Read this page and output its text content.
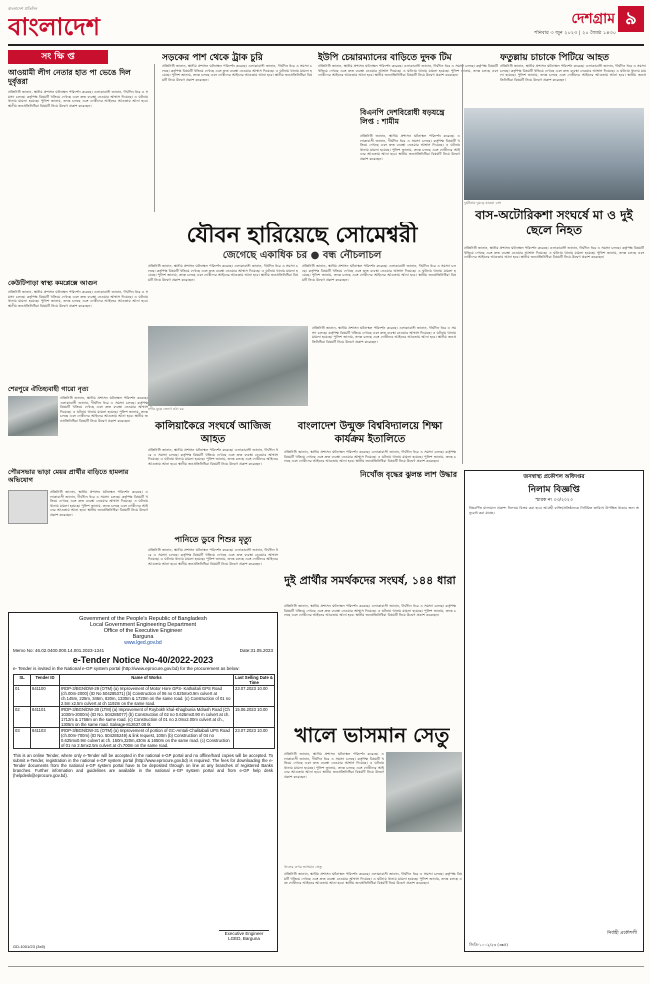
বাংলাদেশ প্রতিদিন
বাংলাদেশ	দেশগ্রাম ৯
শনিবার ৩ জুন ২০২৩ | ২০ জ্যৈষ্ঠ ১৪৩০
সং ক্ষি প্ত	সড়কের পাশ থেকে ট্রাক চুরি	ইউপি চেয়ারম্যানের বাড়িতে দুদক টিম	ফতুল্লায় চাচাকে পিটিয়ে আহত
প্রতিনিধি জানান, স্থানীয় প্রশাসন ঘটনাস্থল পরিদর্শন করেছে। এলাকাবাসী জানান, দীর্ঘদিন ধরে এ সমস্যা চলছে। কর্তৃপক্ষ বিষয়টি খতিয়ে দেখছে এবং দ্রুত ব্যবস্থা নেওয়ার আশ্বাস দিয়েছে। এ ঘটনায় থানায় মামলা হয়েছে। পুলিশ জানায়, তদন্ত চলছে এবং দোষীদের আইনের আওতায় আনা হবে। স্থানীয় জনপ্রতিনিধিরা বিষয়টি নিয়ে উদ্বেগ প্রকাশ করেছেন।
প্রতিনিধি জানান, স্থানীয় প্রশাসন ঘটনাস্থল পরিদর্শন করেছে। এলাকাবাসী জানান, দীর্ঘদিন ধরে এ সমস্যা চলছে। কর্তৃপক্ষ বিষয়টি খতিয়ে দেখছে এবং দ্রুত ব্যবস্থা নেওয়ার আশ্বাস দিয়েছে। এ ঘটনায় থানায় মামলা হয়েছে। পুলিশ জানায়, তদন্ত চলছে এবং দোষীদের আইনের আওতায় আনা হবে। স্থানীয় জনপ্রতিনিধিরা বিষয়টি নিয়ে উদ্বেগ প্রকাশ করেছেন।
প্রতিনিধি জানান, স্থানীয় প্রশাসন ঘটনাস্থল পরিদর্শন করেছে। এলাকাবাসী জানান, দীর্ঘদিন ধরে এ সমস্যা চলছে। কর্তৃপক্ষ বিষয়টি খতিয়ে দেখছে এবং দ্রুত ব্যবস্থা নেওয়ার আশ্বাস দিয়েছে। এ ঘটনায় থানায় মামলা হয়েছে। পুলিশ জানায়, তদন্ত চলছে এবং দোষীদের আইনের আওতায় আনা হবে। স্থানীয় জনপ্রতিনিধিরা বিষয়টি নিয়ে উদ্বেগ প্রকাশ করেছেন।
আওয়ামী লীগ নেতার হাত পা ভেঙে দিল দুর্বৃত্তরা
প্রতিনিধি জানান, স্থানীয় প্রশাসন ঘটনাস্থল পরিদর্শন করেছে। এলাকাবাসী জানান, দীর্ঘদিন ধরে এ সমস্যা চলছে। কর্তৃপক্ষ বিষয়টি খতিয়ে দেখছে এবং দ্রুত ব্যবস্থা নেওয়ার আশ্বাস দিয়েছে। এ ঘটনায় থানায় মামলা হয়েছে। পুলিশ জানায়, তদন্ত চলছে এবং দোষীদের আইনের আওতায় আনা হবে। স্থানীয় জনপ্রতিনিধিরা বিষয়টি নিয়ে উদ্বেগ প্রকাশ করেছেন।
কেউটিপাড়া স্বাস্থ্য কমপ্লেক্সে আগুন
প্রতিনিধি জানান, স্থানীয় প্রশাসন ঘটনাস্থল পরিদর্শন করেছে। এলাকাবাসী জানান, দীর্ঘদিন ধরে এ সমস্যা চলছে। কর্তৃপক্ষ বিষয়টি খতিয়ে দেখছে এবং দ্রুত ব্যবস্থা নেওয়ার আশ্বাস দিয়েছে। এ ঘটনায় থানায় মামলা হয়েছে। পুলিশ জানায়, তদন্ত চলছে এবং দোষীদের আইনের আওতায় আনা হবে। স্থানীয় জনপ্রতিনিধিরা বিষয়টি নিয়ে উদ্বেগ প্রকাশ করেছেন।
শেরপুরে ঐতিহ্যবাহী গারো নৃত্য
প্রতিনিধি জানান, স্থানীয় প্রশাসন ঘটনাস্থল পরিদর্শন করেছে। এলাকাবাসী জানান, দীর্ঘদিন ধরে এ সমস্যা চলছে। কর্তৃপক্ষ বিষয়টি খতিয়ে দেখছে এবং দ্রুত ব্যবস্থা নেওয়ার আশ্বাস দিয়েছে। এ ঘটনায় থানায় মামলা হয়েছে। পুলিশ জানায়, তদন্ত চলছে এবং দোষীদের আইনের আওতায় আনা হবে। স্থানীয় জনপ্রতিনিধিরা বিষয়টি নিয়ে উদ্বেগ প্রকাশ করেছেন।
পৌরসভার ভাড়া মেয়র প্রার্থীর বাড়িতে হামলার অভিযোগ
প্রতিনিধি জানান, স্থানীয় প্রশাসন ঘটনাস্থল পরিদর্শন করেছে। এলাকাবাসী জানান, দীর্ঘদিন ধরে এ সমস্যা চলছে। কর্তৃপক্ষ বিষয়টি খতিয়ে দেখছে এবং দ্রুত ব্যবস্থা নেওয়ার আশ্বাস দিয়েছে। এ ঘটনায় থানায় মামলা হয়েছে। পুলিশ জানায়, তদন্ত চলছে এবং দোষীদের আইনের আওতায় আনা হবে। স্থানীয় জনপ্রতিনিধিরা বিষয়টি নিয়ে উদ্বেগ প্রকাশ করেছেন।
যৌবন হারিয়েছে সোমেশ্বরী
জেগেছে একাধিক চর ● বন্ধ নৌচলাচল
প্রতিনিধি জানান, স্থানীয় প্রশাসন ঘটনাস্থল পরিদর্শন করেছে। এলাকাবাসী জানান, দীর্ঘদিন ধরে এ সমস্যা চলছে। কর্তৃপক্ষ বিষয়টি খতিয়ে দেখছে এবং দ্রুত ব্যবস্থা নেওয়ার আশ্বাস দিয়েছে। এ ঘটনায় থানায় মামলা হয়েছে। পুলিশ জানায়, তদন্ত চলছে এবং দোষীদের আইনের আওতায় আনা হবে। স্থানীয় জনপ্রতিনিধিরা বিষয়টি নিয়ে উদ্বেগ প্রকাশ করেছেন।
প্রতিনিধি জানান, স্থানীয় প্রশাসন ঘটনাস্থল পরিদর্শন করেছে। এলাকাবাসী জানান, দীর্ঘদিন ধরে এ সমস্যা চলছে। কর্তৃপক্ষ বিষয়টি খতিয়ে দেখছে এবং দ্রুত ব্যবস্থা নেওয়ার আশ্বাস দিয়েছে। এ ঘটনায় থানায় মামলা হয়েছে। পুলিশ জানায়, তদন্ত চলছে এবং দোষীদের আইনের আওতায় আনা হবে। স্থানীয় জনপ্রতিনিধিরা বিষয়টি নিয়ে উদ্বেগ প্রকাশ করেছেন।
নদীর বুকে জেগে ওঠা চর
প্রতিনিধি জানান, স্থানীয় প্রশাসন ঘটনাস্থল পরিদর্শন করেছে। এলাকাবাসী জানান, দীর্ঘদিন ধরে এ সমস্যা চলছে। কর্তৃপক্ষ বিষয়টি খতিয়ে দেখছে এবং দ্রুত ব্যবস্থা নেওয়ার আশ্বাস দিয়েছে। এ ঘটনায় থানায় মামলা হয়েছে। পুলিশ জানায়, তদন্ত চলছে এবং দোষীদের আইনের আওতায় আনা হবে। স্থানীয় জনপ্রতিনিধিরা বিষয়টি নিয়ে উদ্বেগ প্রকাশ করেছেন।
বিএনপি দেশবিরোধী ষড়যন্ত্রে লিপ্ত : শামীম
প্রতিনিধি জানান, স্থানীয় প্রশাসন ঘটনাস্থল পরিদর্শন করেছে। এলাকাবাসী জানান, দীর্ঘদিন ধরে এ সমস্যা চলছে। কর্তৃপক্ষ বিষয়টি খতিয়ে দেখছে এবং দ্রুত ব্যবস্থা নেওয়ার আশ্বাস দিয়েছে। এ ঘটনায় থানায় মামলা হয়েছে। পুলিশ জানায়, তদন্ত চলছে এবং দোষীদের আইনের আওতায় আনা হবে। স্থানীয় জনপ্রতিনিধিরা বিষয়টি নিয়ে উদ্বেগ প্রকাশ করেছেন।
দুর্ঘটনায় দুমড়ে যাওয়া বাস
বাস-অটোরিকশা সংঘর্ষে মা ও দুই ছেলে নিহত
প্রতিনিধি জানান, স্থানীয় প্রশাসন ঘটনাস্থল পরিদর্শন করেছে। এলাকাবাসী জানান, দীর্ঘদিন ধরে এ সমস্যা চলছে। কর্তৃপক্ষ বিষয়টি খতিয়ে দেখছে এবং দ্রুত ব্যবস্থা নেওয়ার আশ্বাস দিয়েছে। এ ঘটনায় থানায় মামলা হয়েছে। পুলিশ জানায়, তদন্ত চলছে এবং দোষীদের আইনের আওতায় আনা হবে। স্থানীয় জনপ্রতিনিধিরা বিষয়টি নিয়ে উদ্বেগ প্রকাশ করেছেন।
কালিয়াকৈরে সংঘর্ষে আজিজ আহত
প্রতিনিধি জানান, স্থানীয় প্রশাসন ঘটনাস্থল পরিদর্শন করেছে। এলাকাবাসী জানান, দীর্ঘদিন ধরে এ সমস্যা চলছে। কর্তৃপক্ষ বিষয়টি খতিয়ে দেখছে এবং দ্রুত ব্যবস্থা নেওয়ার আশ্বাস দিয়েছে। এ ঘটনায় থানায় মামলা হয়েছে। পুলিশ জানায়, তদন্ত চলছে এবং দোষীদের আইনের আওতায় আনা হবে। স্থানীয় জনপ্রতিনিধিরা বিষয়টি নিয়ে উদ্বেগ প্রকাশ করেছেন।
বাংলাদেশ উন্মুক্ত বিশ্ববিদ্যালয়ে শিক্ষা কার্যক্রম ইতালিতে
প্রতিনিধি জানান, স্থানীয় প্রশাসন ঘটনাস্থল পরিদর্শন করেছে। এলাকাবাসী জানান, দীর্ঘদিন ধরে এ সমস্যা চলছে। কর্তৃপক্ষ বিষয়টি খতিয়ে দেখছে এবং দ্রুত ব্যবস্থা নেওয়ার আশ্বাস দিয়েছে। এ ঘটনায় থানায় মামলা হয়েছে। পুলিশ জানায়, তদন্ত চলছে এবং দোষীদের আইনের আওতায় আনা হবে। স্থানীয় জনপ্রতিনিধিরা বিষয়টি নিয়ে উদ্বেগ প্রকাশ করেছেন।
নিখোঁজ বৃদ্ধের ঝুলন্ত লাশ উদ্ধার
পানিতে ডুবে শিশুর মৃত্যু
প্রতিনিধি জানান, স্থানীয় প্রশাসন ঘটনাস্থল পরিদর্শন করেছে। এলাকাবাসী জানান, দীর্ঘদিন ধরে এ সমস্যা চলছে। কর্তৃপক্ষ বিষয়টি খতিয়ে দেখছে এবং দ্রুত ব্যবস্থা নেওয়ার আশ্বাস দিয়েছে। এ ঘটনায় থানায় মামলা হয়েছে। পুলিশ জানায়, তদন্ত চলছে এবং দোষীদের আইনের আওতায় আনা হবে। স্থানীয় জনপ্রতিনিধিরা বিষয়টি নিয়ে উদ্বেগ প্রকাশ করেছেন।
দুই প্রার্থীর সমর্থকদের সংঘর্ষ, ১৪৪ ধারা
প্রতিনিধি জানান, স্থানীয় প্রশাসন ঘটনাস্থল পরিদর্শন করেছে। এলাকাবাসী জানান, দীর্ঘদিন ধরে এ সমস্যা চলছে। কর্তৃপক্ষ বিষয়টি খতিয়ে দেখছে এবং দ্রুত ব্যবস্থা নেওয়ার আশ্বাস দিয়েছে। এ ঘটনায় থানায় মামলা হয়েছে। পুলিশ জানায়, তদন্ত চলছে এবং দোষীদের আইনের আওতায় আনা হবে। স্থানীয় জনপ্রতিনিধিরা বিষয়টি নিয়ে উদ্বেগ প্রকাশ করেছেন।
Government of the People's Republic of Bangladesh
Local Government Engineering Department
Office of the Executive Engineer
Barguna
www.lged.gov.bd
Memo No: 46.02.0400.000.14.001.2023-1341	Date:31.05.2023
e-Tender Notice No-40/2022-2023
e- Tender is invited in the National e-GP system portal (http://www.eprocure.gov.bd) for the procurement as below:
SL	Tender ID	Name of Works	Last Selling Date & Time
01	841100	IRDP-3/BGN/DW-29 (OTM) (a) Improvement of Motor Hore GPS- Kathaltali GPS Road (ch.00m-2000) (ID No 504285371) (b) Construction of 06 no 0.625mx0.9m culvert at ch.145m, 225m, 345m, 820m, 1330m & 1720m on the same road. (c) Construction of 01 no 2.5m x2.5m culvert at ch 1192m on the same road.	23.07.2023 10.00
02	841101	IRDP-3/BGN/DW-30 (LTM) (a) Improvement of Roybokh khal-Khagbunia Mdrash Road (Ch 1030m-2000m) (ID No. 504285077) (b) Construction of 02 no 0.625mx0.90 m culvert at ch. 1712m & 1758m on the same road. (c) Construction of 01 no 2.0mx2.00m culvert at ch., 1305m on the same road. Salvage-812637.00 tk	15.06.2023 10.00
03	841103	IRDP-3/BGN/DW-31 (OTM) (a) Improvement of portion of GC-Amtali-Chalitabali UPS Road (ch.00m-700m) (ID No. 504285249) & link request, 100m (b) Construction of 04 no 0.625mx0.9m culvert at ch. 150m,320m,430m & 1650m on the same road. (c) Construction of 01 no 2.5mx2.5m culvert at ch.700m on the same road.	23.07.2023 10.00
This is an online Tender, where only e-Tender will be accepted in the national e-GP portal and no offline/hard copies will be accepted. To submit e-Tender, registration in the national e-GP system portal (http://www.eprocure.gov.bd) is required. The fees for downloading the e-Tender documents from the national e-GP system portal have to be deposited through on line at any branches of registered Banks branches. Further information and guidelines are available in the national e-GP system portal and from e-GP help desk (helpdesk@eprocure.gov.bd).
Executive Engineer
LGED, Barguna
GD-1001/23 (3x5)
খালে ভাসমান সেতু
প্রতিনিধি জানান, স্থানীয় প্রশাসন ঘটনাস্থল পরিদর্শন করেছে। এলাকাবাসী জানান, দীর্ঘদিন ধরে এ সমস্যা চলছে। কর্তৃপক্ষ বিষয়টি খতিয়ে দেখছে এবং দ্রুত ব্যবস্থা নেওয়ার আশ্বাস দিয়েছে। এ ঘটনায় থানায় মামলা হয়েছে। পুলিশ জানায়, তদন্ত চলছে এবং দোষীদের আইনের আওতায় আনা হবে। স্থানীয় জনপ্রতিনিধিরা বিষয়টি নিয়ে উদ্বেগ প্রকাশ করেছেন।
খালের ওপর ভাসমান সেতু
প্রতিনিধি জানান, স্থানীয় প্রশাসন ঘটনাস্থল পরিদর্শন করেছে। এলাকাবাসী জানান, দীর্ঘদিন ধরে এ সমস্যা চলছে। কর্তৃপক্ষ বিষয়টি খতিয়ে দেখছে এবং দ্রুত ব্যবস্থা নেওয়ার আশ্বাস দিয়েছে। এ ঘটনায় থানায় মামলা হয়েছে। পুলিশ জানায়, তদন্ত চলছে এবং দোষীদের আইনের আওতায় আনা হবে। স্থানীয় জনপ্রতিনিধিরা বিষয়টি নিয়ে উদ্বেগ প্রকাশ করেছেন।
জনস্বাস্থ্য প্রকৌশল অধিদপ্তর
নিলাম বিজ্ঞপ্তি
স্মারক নং ০৩/২০২৩
নিম্নবর্ণিত মালামাল প্রকাশ্য নিলামে বিক্রয় করা হবে। আগ্রহী ব্যক্তি/প্রতিষ্ঠানকে নির্ধারিত তারিখে উপস্থিত থাকার জন্য অনুরোধ করা যাচ্ছে।
নির্বাহী প্রকৌশলী
জিডি-১০০২/২৩ (৩x৫)
